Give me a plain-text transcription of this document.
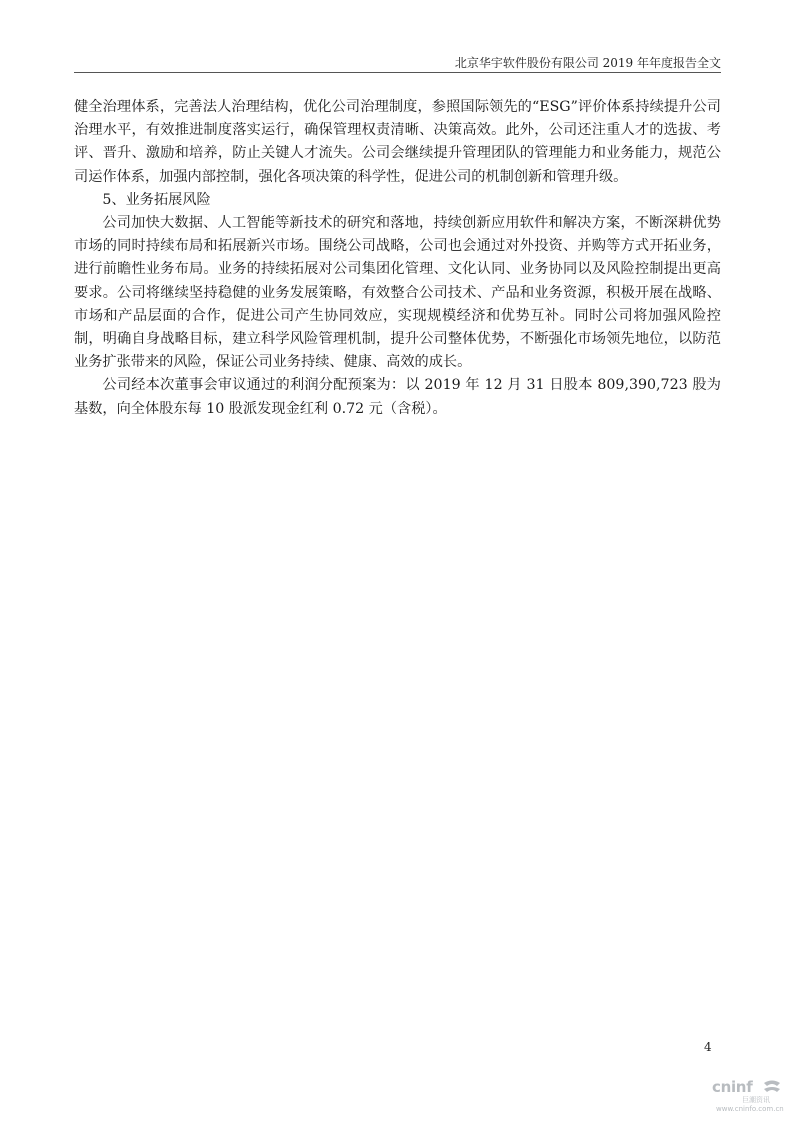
北京华宇软件股份有限公司 2019 年年度报告全文

健全治理体系，完善法人治理结构，优化公司治理制度，参照国际领先的“ESG”评价体系持续提升公司治理水平，有效推进制度落实运行，确保管理权责清晰、决策高效。此外，公司还注重人才的选拔、考评、晋升、激励和培养，防止关键人才流失。公司会继续提升管理团队的管理能力和业务能力，规范公司运作体系，加强内部控制，强化各项决策的科学性，促进公司的机制创新和管理升级。

5、业务拓展风险

公司加快大数据、人工智能等新技术的研究和落地，持续创新应用软件和解决方案，不断深耕优势市场的同时持续布局和拓展新兴市场。围绕公司战略，公司也会通过对外投资、并购等方式开拓业务，进行前瞻性业务布局。业务的持续拓展对公司集团化管理、文化认同、业务协同以及风险控制提出更高要求。公司将继续坚持稳健的业务发展策略，有效整合公司技术、产品和业务资源，积极开展在战略、市场和产品层面的合作，促进公司产生协同效应，实现规模经济和优势互补。同时公司将加强风险控制，明确自身战略目标，建立科学风险管理机制，提升公司整体优势，不断强化市场领先地位，以防范业务扩张带来的风险，保证公司业务持续、健康、高效的成长。

公司经本次董事会审议通过的利润分配预案为：以 2019 年 12 月 31 日股本 809,390,723 股为基数，向全体股东每 10 股派发现金红利 0.72 元（含税）。

4
cninf
巨潮资讯
www.cninfo.com.cn
